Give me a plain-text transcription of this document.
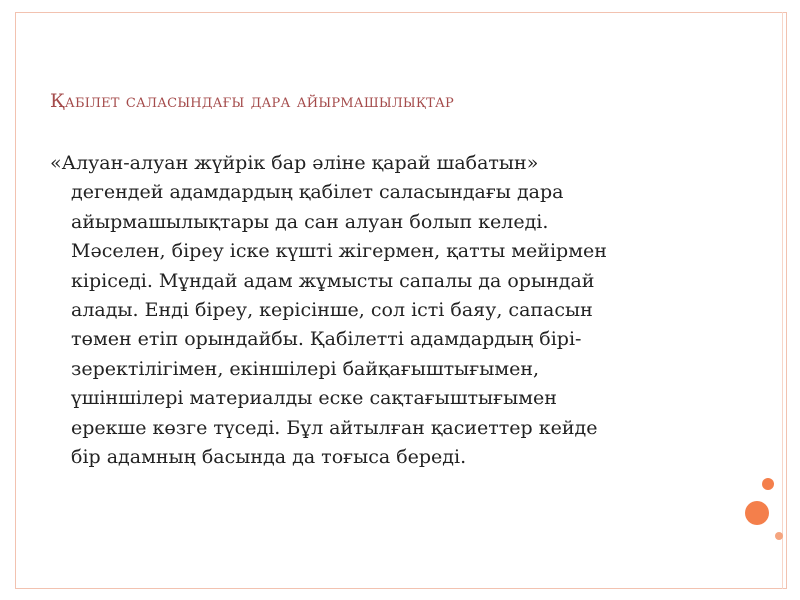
Қабілет саласындағы дара айырмашылықтар
«Алуан-алуан жүйрік бар әліне қарай шабатын»
дегендей адамдардың қабілет саласындағы дара
айырмашылықтары да сан алуан болып келеді.
Мәселен, біреу іске күшті жігермен, қатты мейірмен
кіріседі. Мұндай адам жұмысты сапалы да орындай
алады. Енді біреу, керісінше, сол істі баяу, сапасын
төмен етіп орындайбы. Қабілетті адамдардың бірі-
зеректілігімен, екіншілері байқағыштығымен,
үшіншілері материалды еске сақтағыштығымен
ерекше көзге түседі. Бұл айтылған қасиеттер кейде
бір адамның басында да тоғыса береді.
